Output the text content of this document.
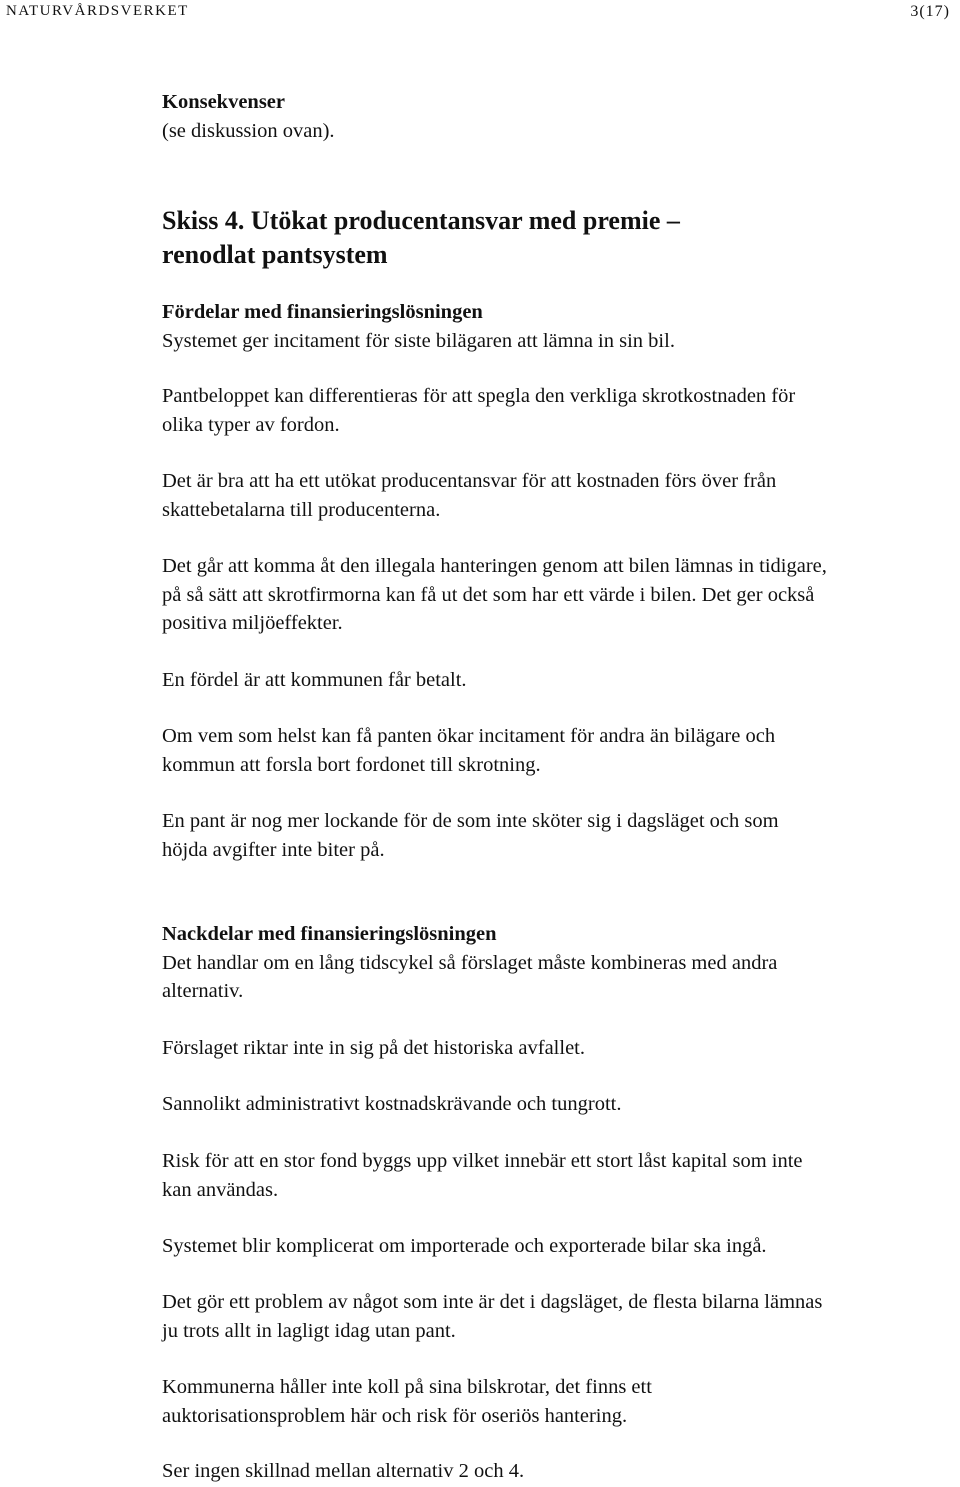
NATURVÅRDSVERKET	3(17)
Konsekvenser
(se diskussion ovan).
Skiss 4. Utökat producentansvar med premie –
renodlat pantsystem
Fördelar med finansieringslösningen
Systemet ger incitament för siste bilägaren att lämna in sin bil.
Pantbeloppet kan differentieras för att spegla den verkliga skrotkostnaden för
olika typer av fordon.
Det är bra att ha ett utökat producentansvar för att kostnaden förs över från
skattebetalarna till producenterna.
Det går att komma åt den illegala hanteringen genom att bilen lämnas in tidigare,
på så sätt att skrotfirmorna kan få ut det som har ett värde i bilen. Det ger också
positiva miljöeffekter.
En fördel är att kommunen får betalt.
Om vem som helst kan få panten ökar incitament för andra än bilägare och
kommun att forsla bort fordonet till skrotning.
En pant är nog mer lockande för de som inte sköter sig i dagsläget och som
höjda avgifter inte biter på.
Nackdelar med finansieringslösningen
Det handlar om en lång tidscykel så förslaget måste kombineras med andra
alternativ.
Förslaget riktar inte in sig på det historiska avfallet.
Sannolikt administrativt kostnadskrävande och tungrott.
Risk för att en stor fond byggs upp vilket innebär ett stort låst kapital som inte
kan användas.
Systemet blir komplicerat om importerade och exporterade bilar ska ingå.
Det gör ett problem av något som inte är det i dagsläget, de flesta bilarna lämnas
ju trots allt in lagligt idag utan pant.
Kommunerna håller inte koll på sina bilskrotar, det finns ett
auktorisationsproblem här och risk för oseriös hantering.
Ser ingen skillnad mellan alternativ 2 och 4.
